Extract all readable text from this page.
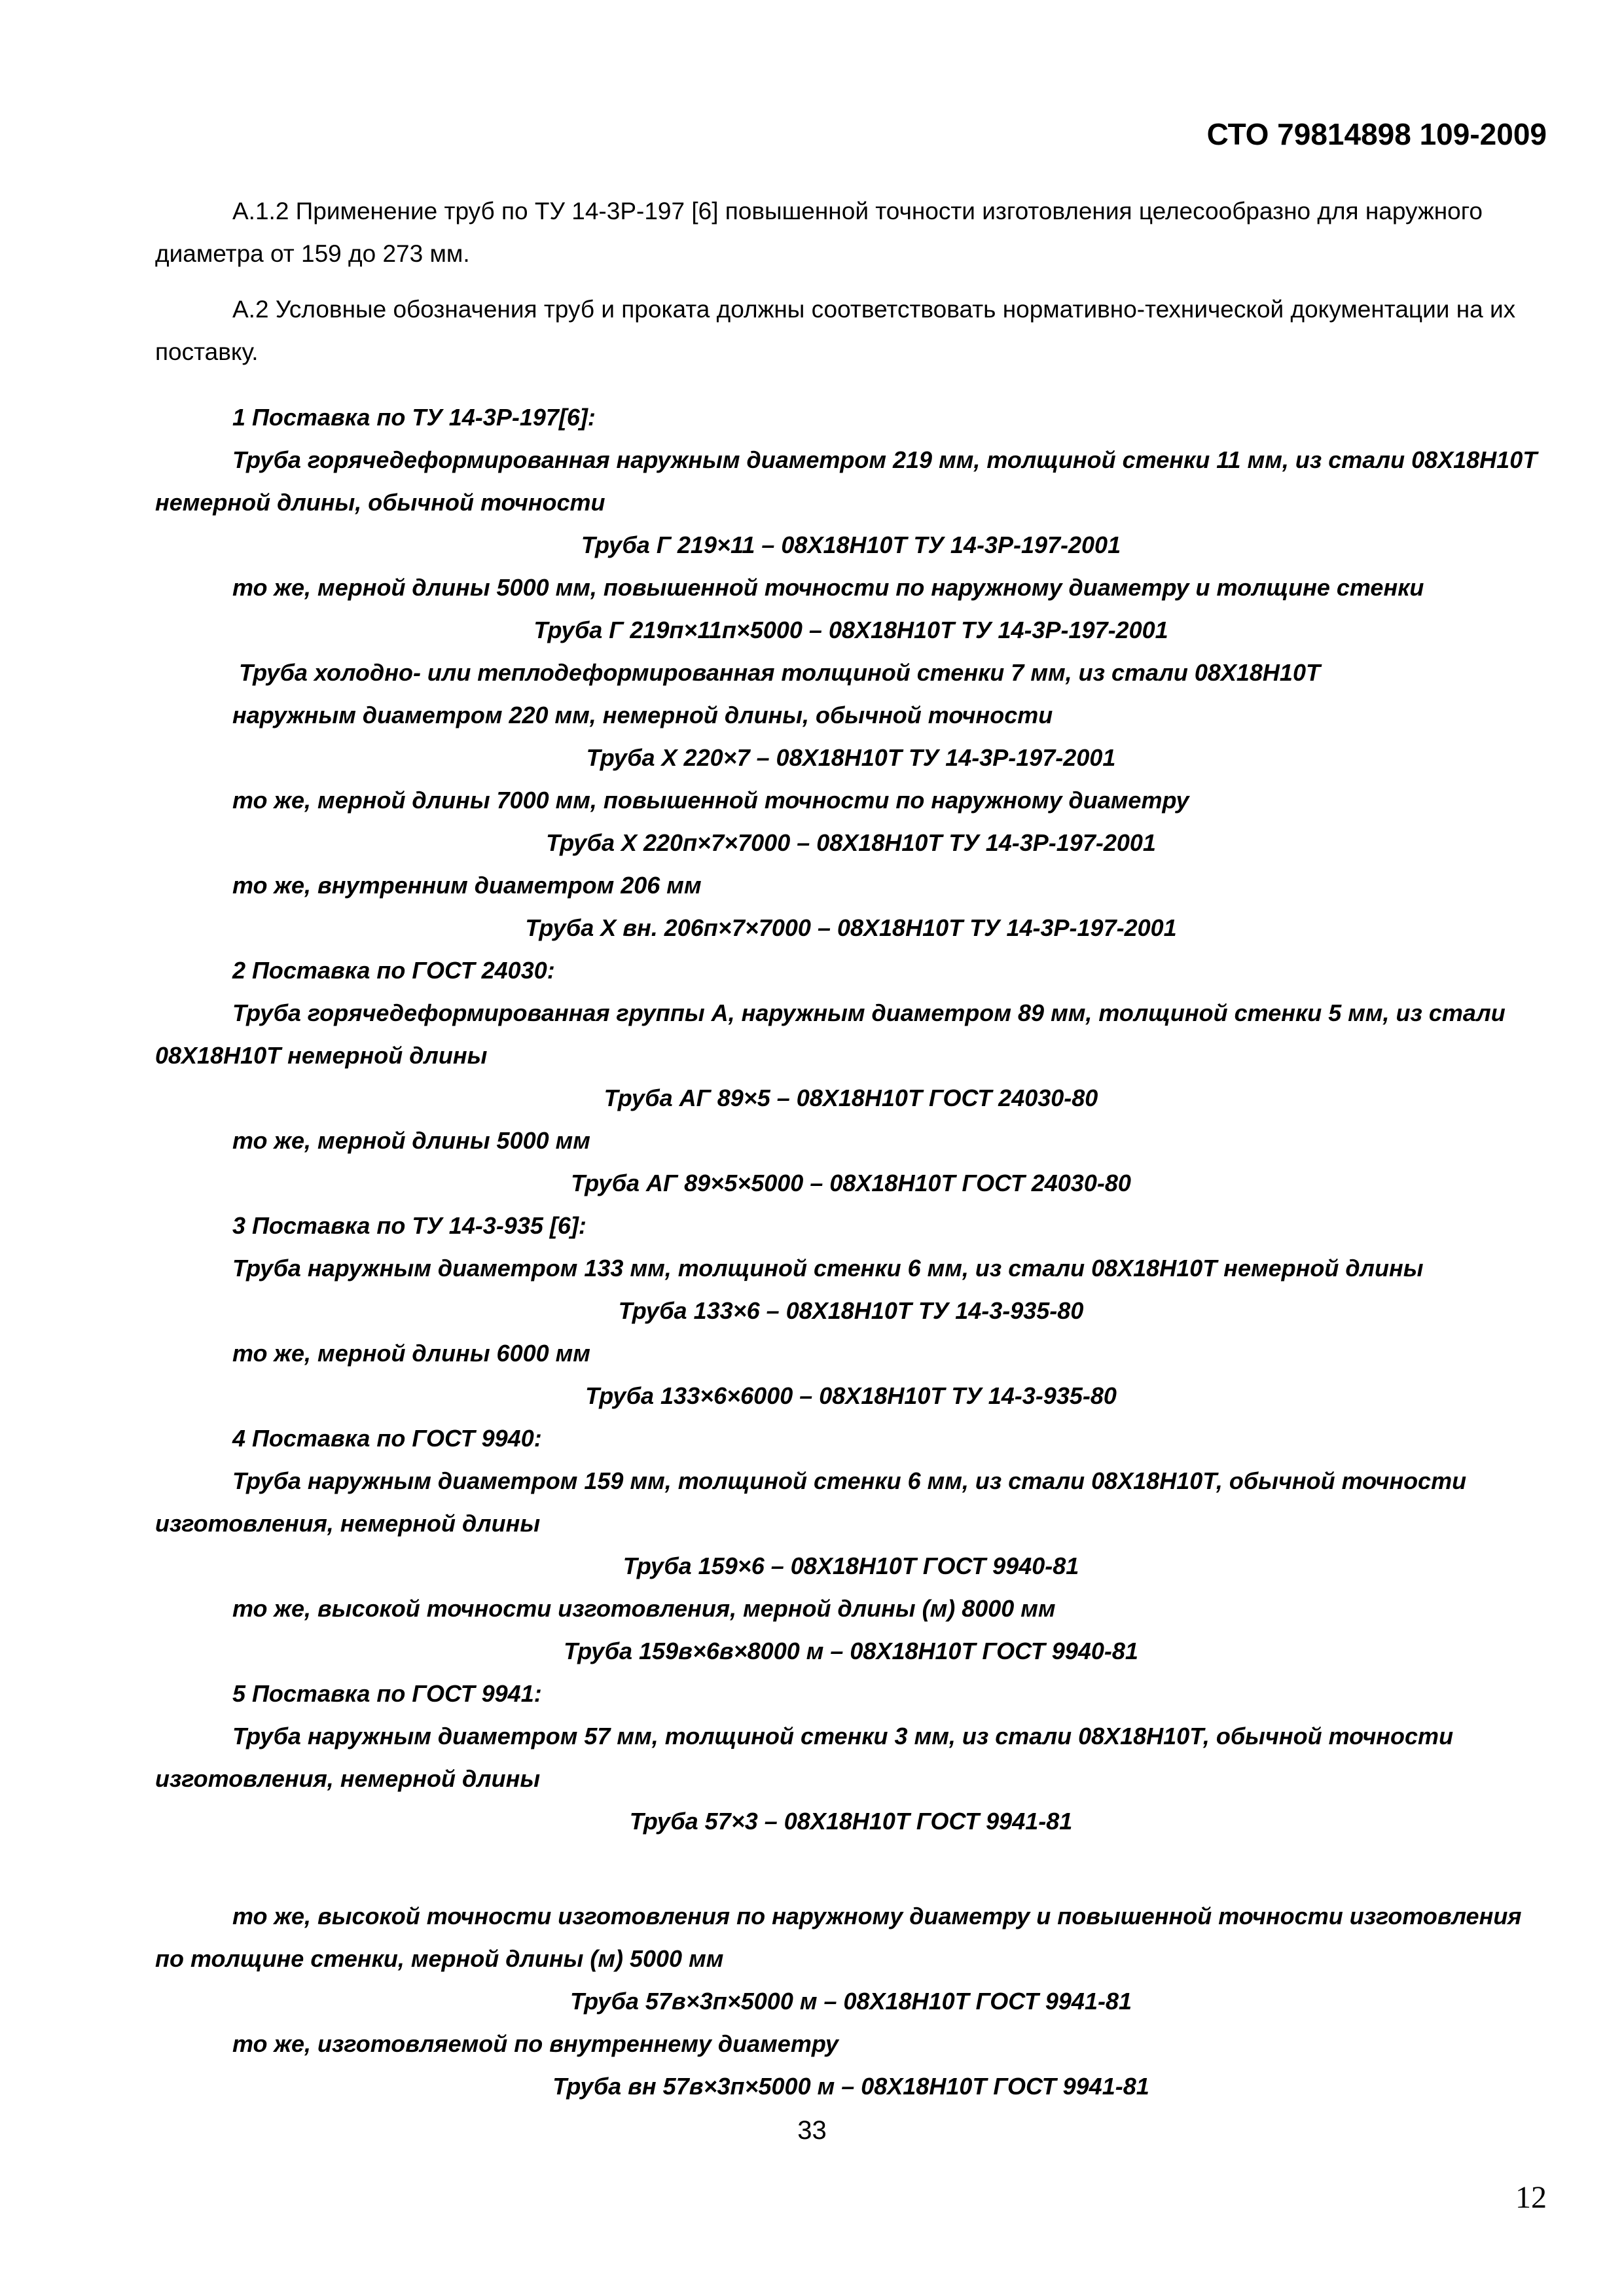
СТО 79814898 109-2009

А.1.2 Применение труб по ТУ 14-3Р-197 [6] повышенной точности изготовления целесообразно для наружного диаметра от 159 до 273 мм.

А.2 Условные обозначения труб и проката должны соответствовать нормативно-технической документации на их поставку.

1 Поставка по ТУ 14-3Р-197[6]:
Труба горячедеформированная наружным диаметром 219 мм, толщиной стенки 11 мм, из стали 08Х18Н10Т немерной длины, обычной точности
Труба Г 219×11 – 08Х18Н10Т ТУ 14-3Р-197-2001
то же, мерной длины 5000 мм, повышенной точности по наружному диаметру и толщине стенки
Труба Г 219п×11п×5000 – 08Х18Н10Т ТУ 14-3Р-197-2001
Труба холодно- или теплодеформированная толщиной стенки 7 мм, из стали 08Х18Н10Т
наружным диаметром 220 мм, немерной длины, обычной точности
Труба Х 220×7 – 08Х18Н10Т ТУ 14-3Р-197-2001
то же, мерной длины 7000 мм, повышенной точности по наружному диаметру
Труба Х 220п×7×7000 – 08Х18Н10Т ТУ 14-3Р-197-2001
то же, внутренним диаметром 206 мм
Труба Х вн. 206п×7×7000 – 08Х18Н10Т ТУ 14-3Р-197-2001
2 Поставка по ГОСТ 24030:
Труба горячедеформированная группы А, наружным диаметром 89 мм, толщиной стенки 5 мм, из стали 08Х18Н10Т немерной длины
Труба АГ 89×5 – 08Х18Н10Т ГОСТ 24030-80
то же, мерной длины 5000 мм
Труба АГ 89×5×5000 – 08Х18Н10Т ГОСТ 24030-80
3 Поставка по ТУ 14-3-935 [6]:
Труба наружным диаметром 133 мм, толщиной стенки 6 мм, из стали 08Х18Н10Т немерной длины
Труба 133×6 – 08Х18Н10Т ТУ 14-3-935-80
то же, мерной длины 6000 мм
Труба 133×6×6000 – 08Х18Н10Т ТУ 14-3-935-80
4 Поставка по ГОСТ 9940:
Труба наружным диаметром 159 мм, толщиной стенки 6 мм, из стали 08Х18Н10Т, обычной точности изготовления, немерной длины
Труба 159×6 – 08Х18Н10Т ГОСТ 9940-81
то же, высокой точности изготовления, мерной длины (м) 8000 мм
Труба 159в×6в×8000 м – 08Х18Н10Т ГОСТ 9940-81
5 Поставка по ГОСТ 9941:
Труба наружным диаметром 57 мм, толщиной стенки 3 мм, из стали 08Х18Н10Т, обычной точности изготовления, немерной длины
Труба 57×3 – 08Х18Н10Т ГОСТ 9941-81
то же, высокой точности изготовления по наружному диаметру и повышенной точности изготовления по толщине стенки, мерной длины (м) 5000 мм
Труба 57в×3п×5000 м – 08Х18Н10Т ГОСТ 9941-81
то же, изготовляемой по внутреннему диаметру
Труба вн 57в×3п×5000 м – 08Х18Н10Т ГОСТ 9941-81
33
12
